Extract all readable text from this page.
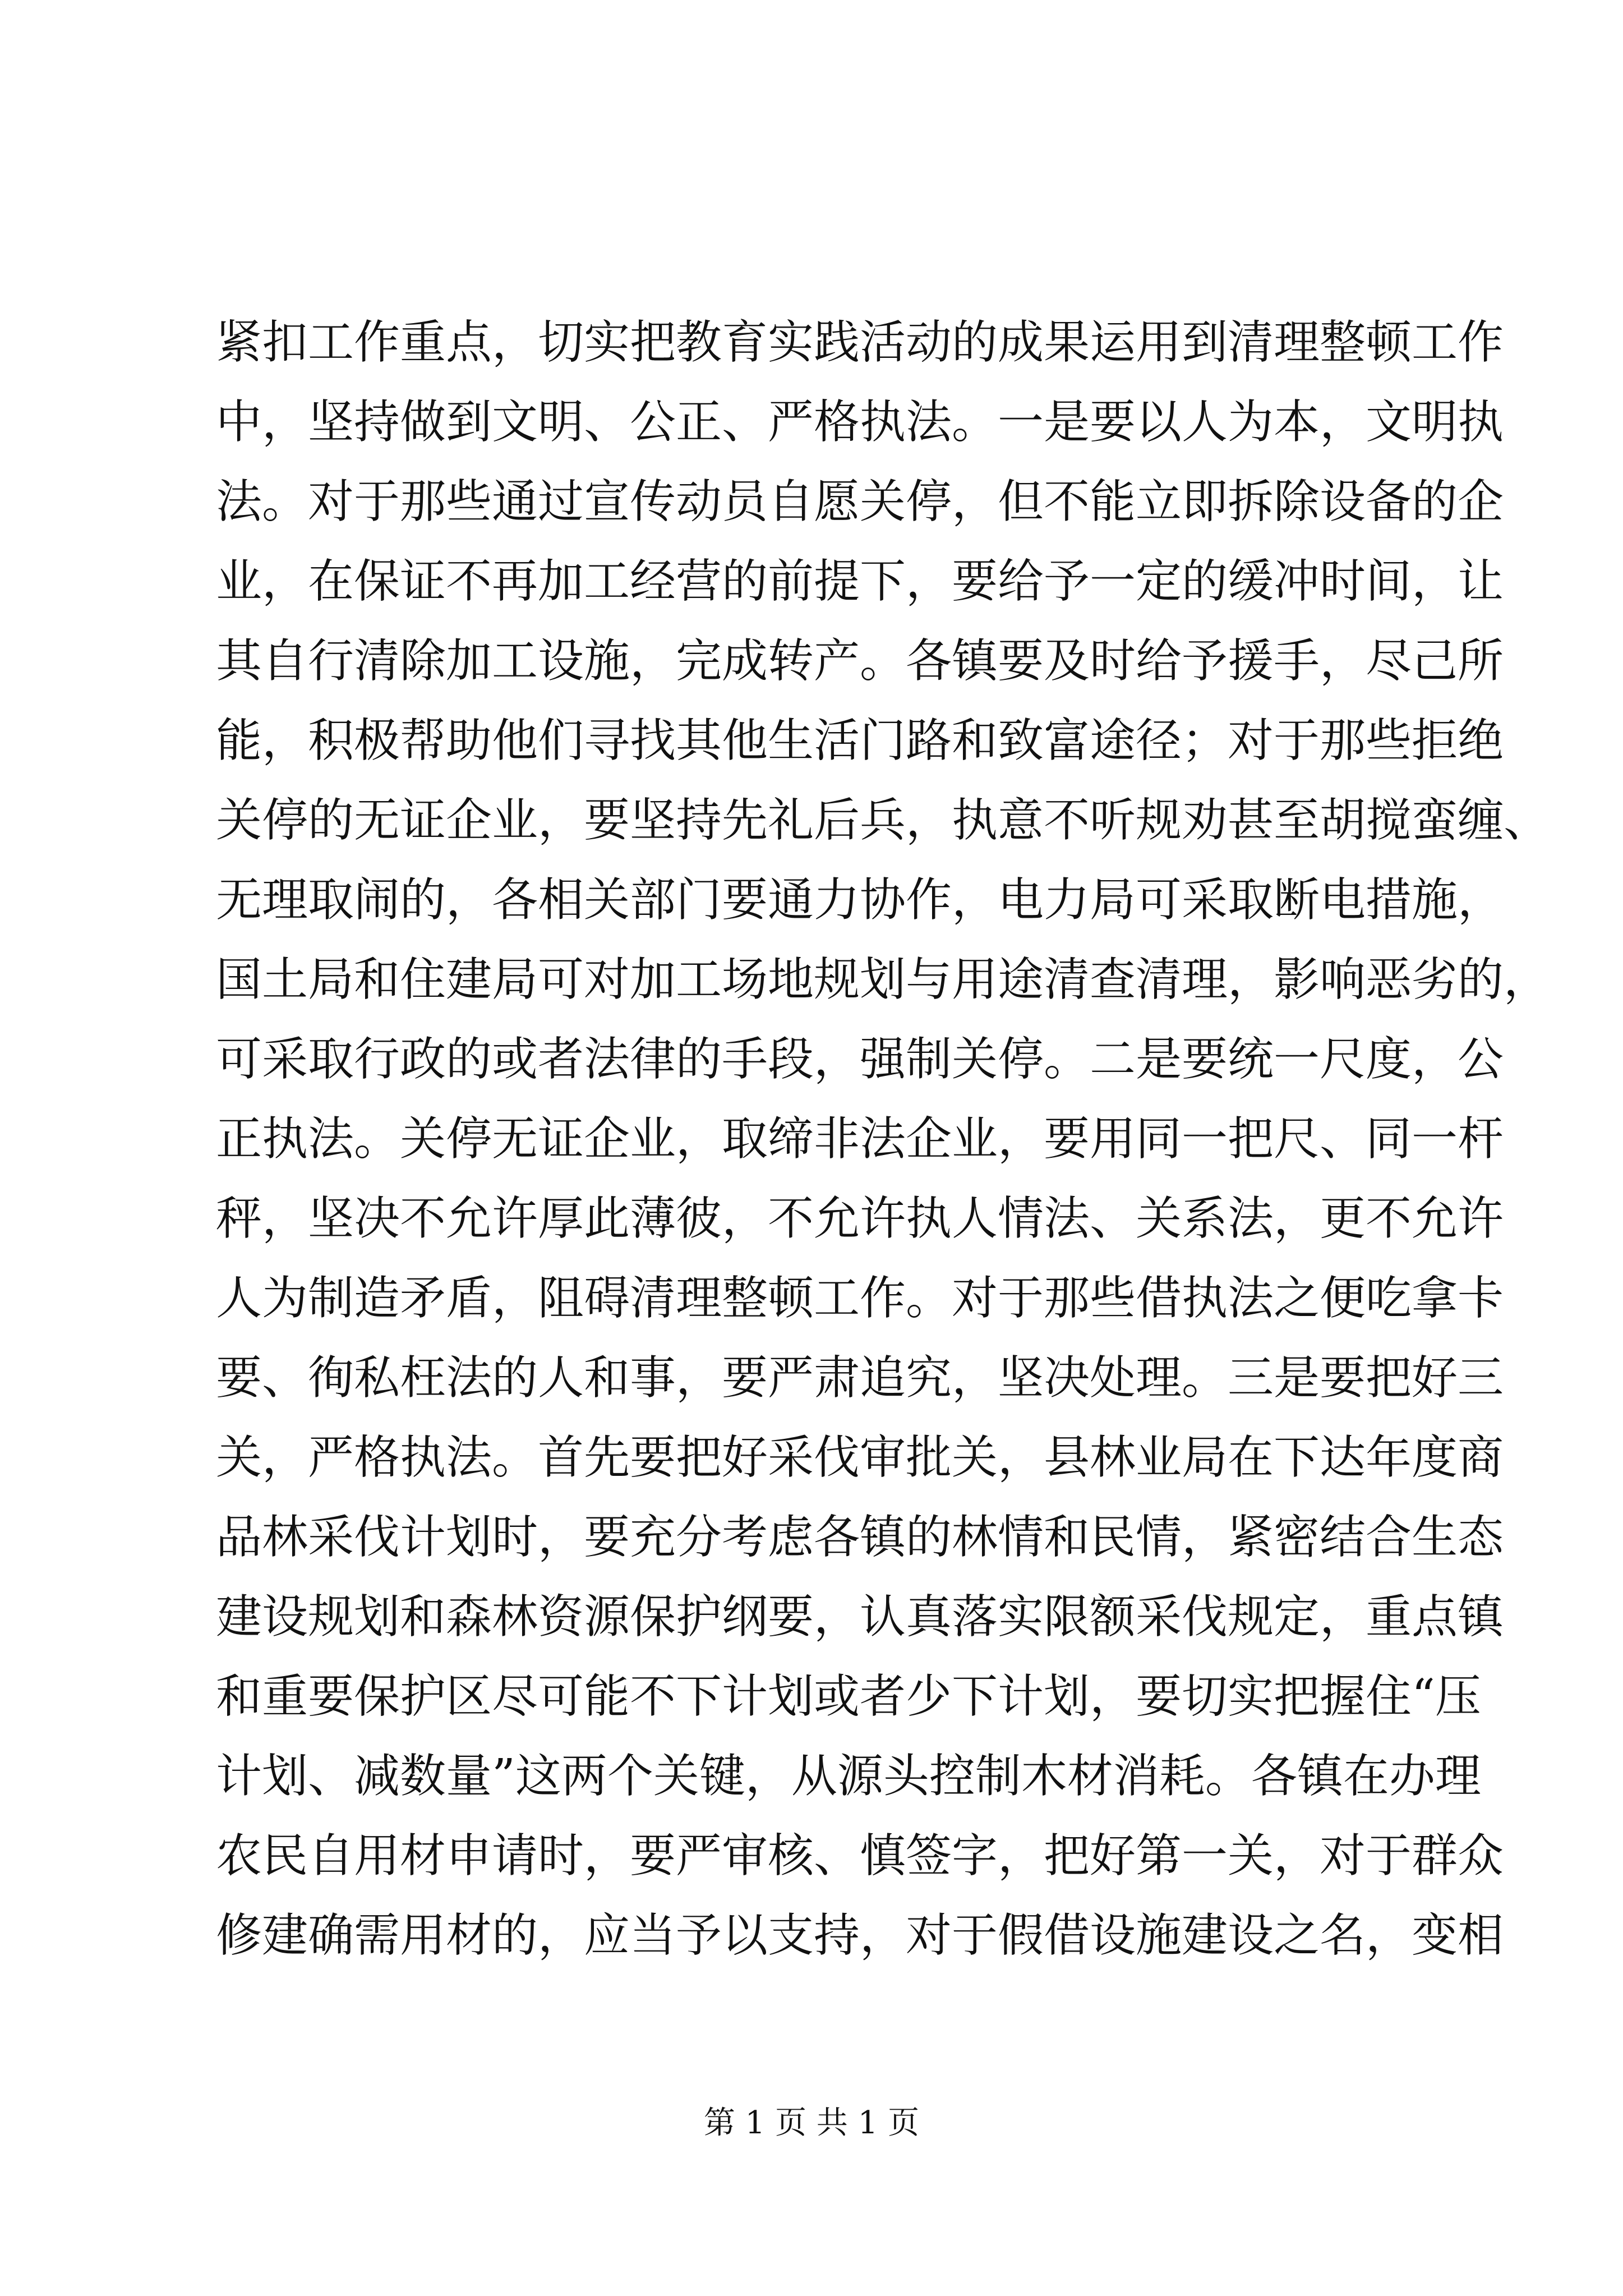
紧扣工作重点，切实把教育实践活动的成果运用到清理整顿工作
中，坚持做到文明、公正、严格执法。一是要以人为本，文明执
法。对于那些通过宣传动员自愿关停，但不能立即拆除设备的企
业，在保证不再加工经营的前提下，要给予一定的缓冲时间，让
其自行清除加工设施，完成转产。各镇要及时给予援手，尽己所
能，积极帮助他们寻找其他生活门路和致富途径；对于那些拒绝
关停的无证企业，要坚持先礼后兵，执意不听规劝甚至胡搅蛮缠、
无理取闹的，各相关部门要通力协作，电力局可采取断电措施，
国土局和住建局可对加工场地规划与用途清查清理，影响恶劣的，
可采取行政的或者法律的手段，强制关停。二是要统一尺度，公
正执法。关停无证企业，取缔非法企业，要用同一把尺、同一杆
秤，坚决不允许厚此薄彼，不允许执人情法、关系法，更不允许
人为制造矛盾，阻碍清理整顿工作。对于那些借执法之便吃拿卡
要、徇私枉法的人和事，要严肃追究，坚决处理。三是要把好三
关，严格执法。首先要把好采伐审批关，县林业局在下达年度商
品林采伐计划时，要充分考虑各镇的林情和民情，紧密结合生态
建设规划和森林资源保护纲要，认真落实限额采伐规定，重点镇
和重要保护区尽可能不下计划或者少下计划，要切实把握住“压
计划、减数量”这两个关键，从源头控制木材消耗。各镇在办理
农民自用材申请时，要严审核、慎签字，把好第一关，对于群众
修建确需用材的，应当予以支持，对于假借设施建设之名，变相
第 1 页 共 1 页
